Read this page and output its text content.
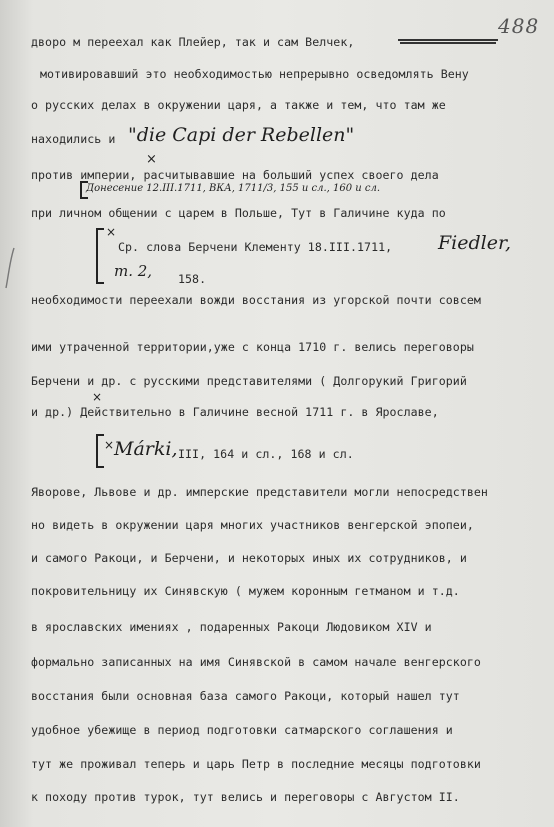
488
дворо м переехал как Плейер, так и сам Велчек,
мотивировавший это необходимостью непрерывно осведомлять Вену
о русских делах в окружении царя, а также и тем, что там же
находились и "die Capi der Rebellen"
×
против империи, расчитывавшие на больший успех своего дела
Донесение 12.III.1711, ВКА, 1711/3, 155 и сл., 160 и сл.
при личном общении с царем в Польше, Тут в Галичине куда по
×
Ср. слова Берчени Клементу 18.III.1711, Fiedler,
т. 2, 158.
необходимости переехали вожди восстания из угорской почти совсем
ими утраченной территории,уже с конца 1710 г. велись переговоры
Берчени и др. с русскими представителями ( Долгорукий Григорий
×
и др.) Действительно в Галичине весной 1711 г. в Ярославе,
× Márki, III, 164 и сл., 168 и сл.
Яворове, Львове и др. имперские представители могли непосредствен
но видеть в окружении царя многих участников венгерской эпопеи,
и самого Ракоци, и Берчени, и некоторых иных их сотрудников, и
покровительницу их Синявскую ( мужем коронным гетманом и т.д.
в ярославских имениях , подаренных Ракоци Людовиком XIV и
формально записанных на имя Синявской в самом начале венгерского
восстания были основная база самого Ракоци, который нашел тут
удобное убежище в период подготовки сатмарского соглашения и
тут же проживал теперь и царь Петр в последние месяцы подготовки
к походу против турок, тут велись и переговоры с Августом II.
